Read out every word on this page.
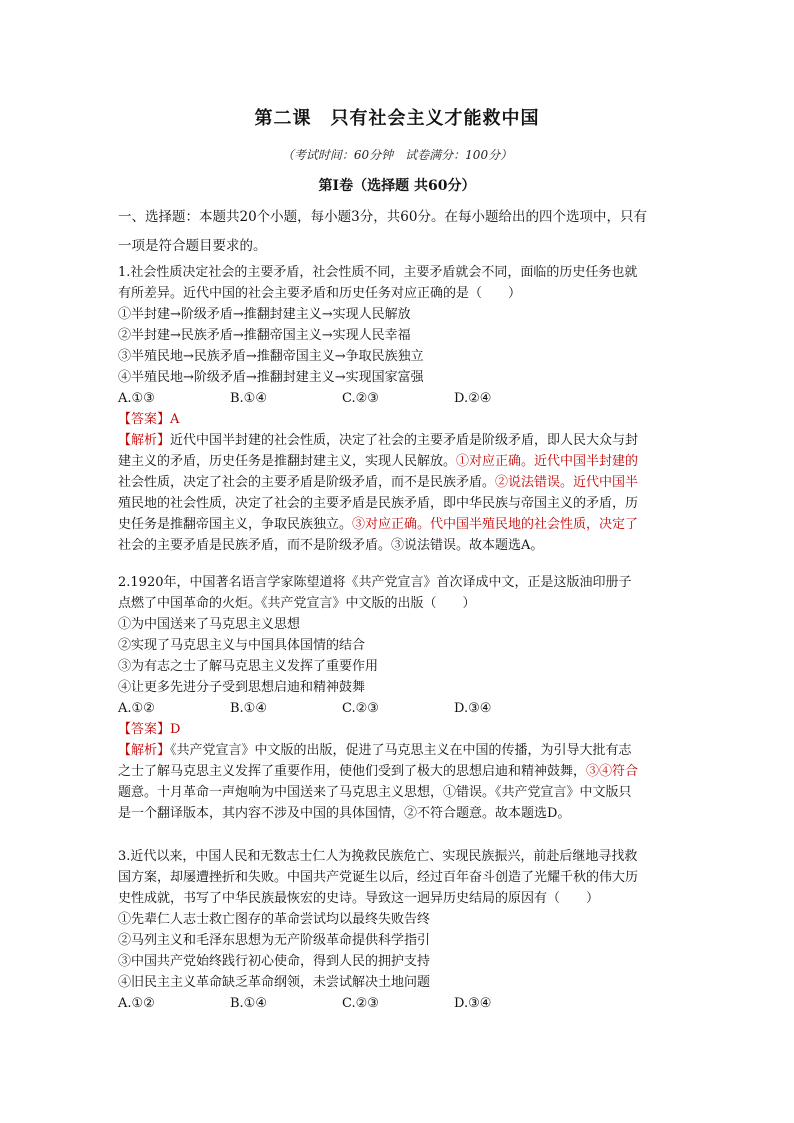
第二课　只有社会主义才能救中国
（考试时间：60分钟　试卷满分：100分）
第Ⅰ卷（选择题 共60分）
一、选择题：本题共20个小题，每小题3分，共60分。在每小题给出的四个选项中，只有
一项是符合题目要求的。
1.社会性质决定社会的主要矛盾，社会性质不同，主要矛盾就会不同，面临的历史任务也就
有所差异。近代中国的社会主要矛盾和历史任务对应正确的是（　　）
①半封建→阶级矛盾→推翻封建主义→实现人民解放
②半封建→民族矛盾→推翻帝国主义→实现人民幸福
③半殖民地→民族矛盾→推翻帝国主义→争取民族独立
④半殖民地→阶级矛盾→推翻封建主义→实现国家富强
A.①③	B.①④	C.②③	D.②④
【答案】A
【解析】近代中国半封建的社会性质，决定了社会的主要矛盾是阶级矛盾，即人民大众与封
建主义的矛盾，历史任务是推翻封建主义，实现人民解放。①对应正确。近代中国半封建的
社会性质，决定了社会的主要矛盾是阶级矛盾，而不是民族矛盾。②说法错误。近代中国半
殖民地的社会性质，决定了社会的主要矛盾是民族矛盾，即中华民族与帝国主义的矛盾，历
史任务是推翻帝国主义，争取民族独立。③对应正确。代中国半殖民地的社会性质，决定了
社会的主要矛盾是民族矛盾，而不是阶级矛盾。③说法错误。故本题选A。
2.1920年，中国著名语言学家陈望道将《共产党宣言》首次译成中文，正是这版油印册子
点燃了中国革命的火炬。《共产党宣言》中文版的出版（　　）
①为中国送来了马克思主义思想
②实现了马克思主义与中国具体国情的结合
③为有志之士了解马克思主义发挥了重要作用
④让更多先进分子受到思想启迪和精神鼓舞
A.①②	B.①④	C.②③	D.③④
【答案】D
【解析】《共产党宣言》中文版的出版，促进了马克思主义在中国的传播，为引导大批有志
之士了解马克思主义发挥了重要作用，使他们受到了极大的思想启迪和精神鼓舞，③④符合
题意。十月革命一声炮响为中国送来了马克思主义思想，①错误。《共产党宣言》中文版只
是一个翻译版本，其内容不涉及中国的具体国情，②不符合题意。故本题选D。
3.近代以来，中国人民和无数志士仁人为挽救民族危亡、实现民族振兴，前赴后继地寻找救
国方案，却屡遭挫折和失败。中国共产党诞生以后，经过百年奋斗创造了光耀千秋的伟大历
史性成就，书写了中华民族最恢宏的史诗。导致这一迥异历史结局的原因有（　　）
①先辈仁人志士救亡图存的革命尝试均以最终失败告终
②马列主义和毛泽东思想为无产阶级革命提供科学指引
③中国共产党始终践行初心使命，得到人民的拥护支持
④旧民主主义革命缺乏革命纲领，未尝试解决土地问题
A.①②	B.①④	C.②③	D.③④
